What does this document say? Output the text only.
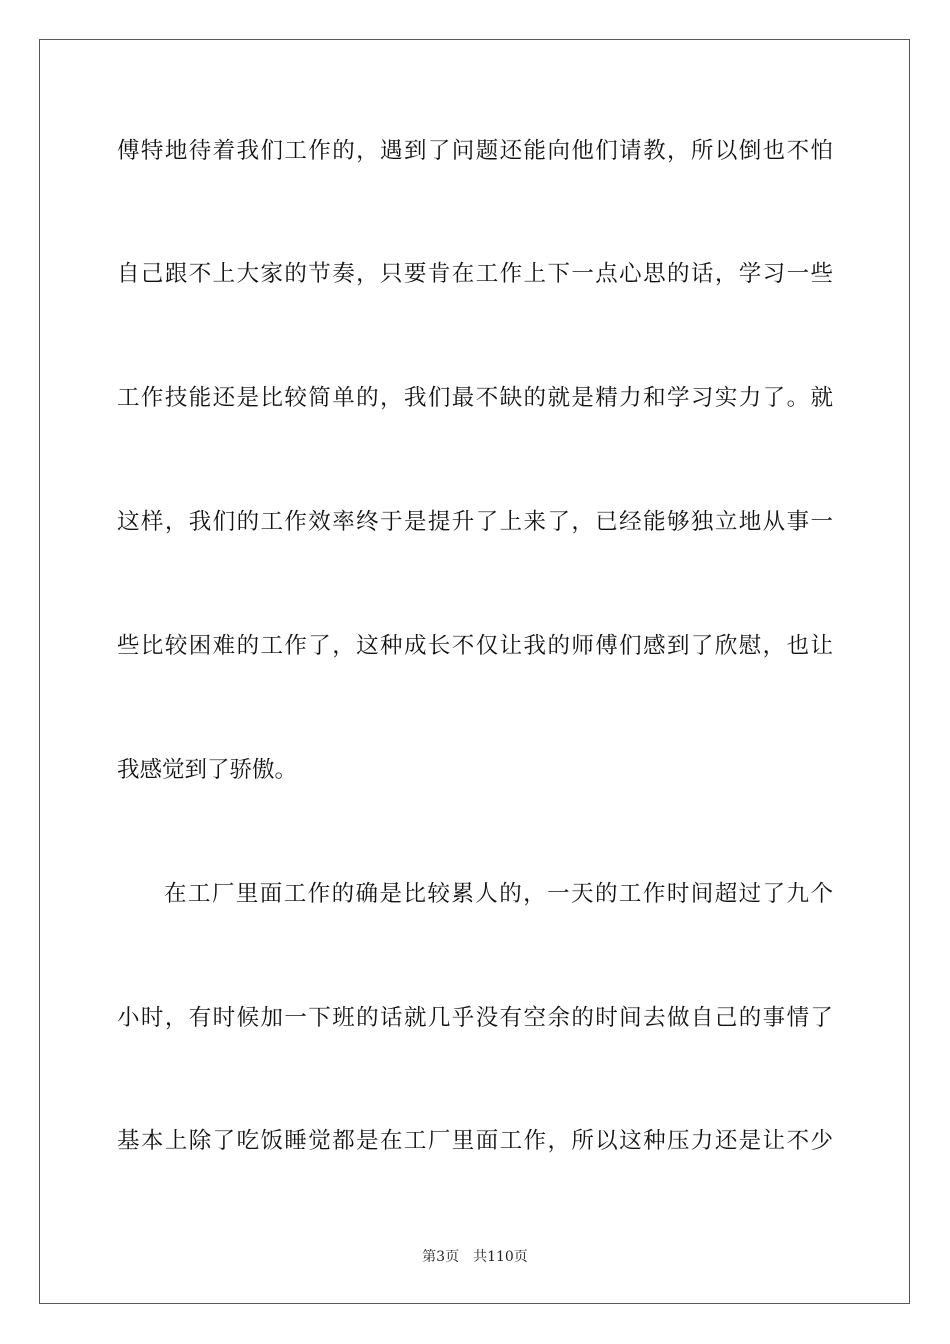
傅特地待着我们工作的，遇到了问题还能向他们请教，所以倒也不怕
自己跟不上大家的节奏，只要肯在工作上下一点心思的话，学习一些
工作技能还是比较简单的，我们最不缺的就是精力和学习实力了。就
这样，我们的工作效率终于是提升了上来了，已经能够独立地从事一
些比较困难的工作了，这种成长不仅让我的师傅们感到了欣慰，也让
我感觉到了骄傲。
在工厂里面工作的确是比较累人的，一天的工作时间超过了九个
小时，有时候加一下班的话就几乎没有空余的时间去做自己的事情了
基本上除了吃饭睡觉都是在工厂里面工作，所以这种压力还是让不少
第3页　共110页
